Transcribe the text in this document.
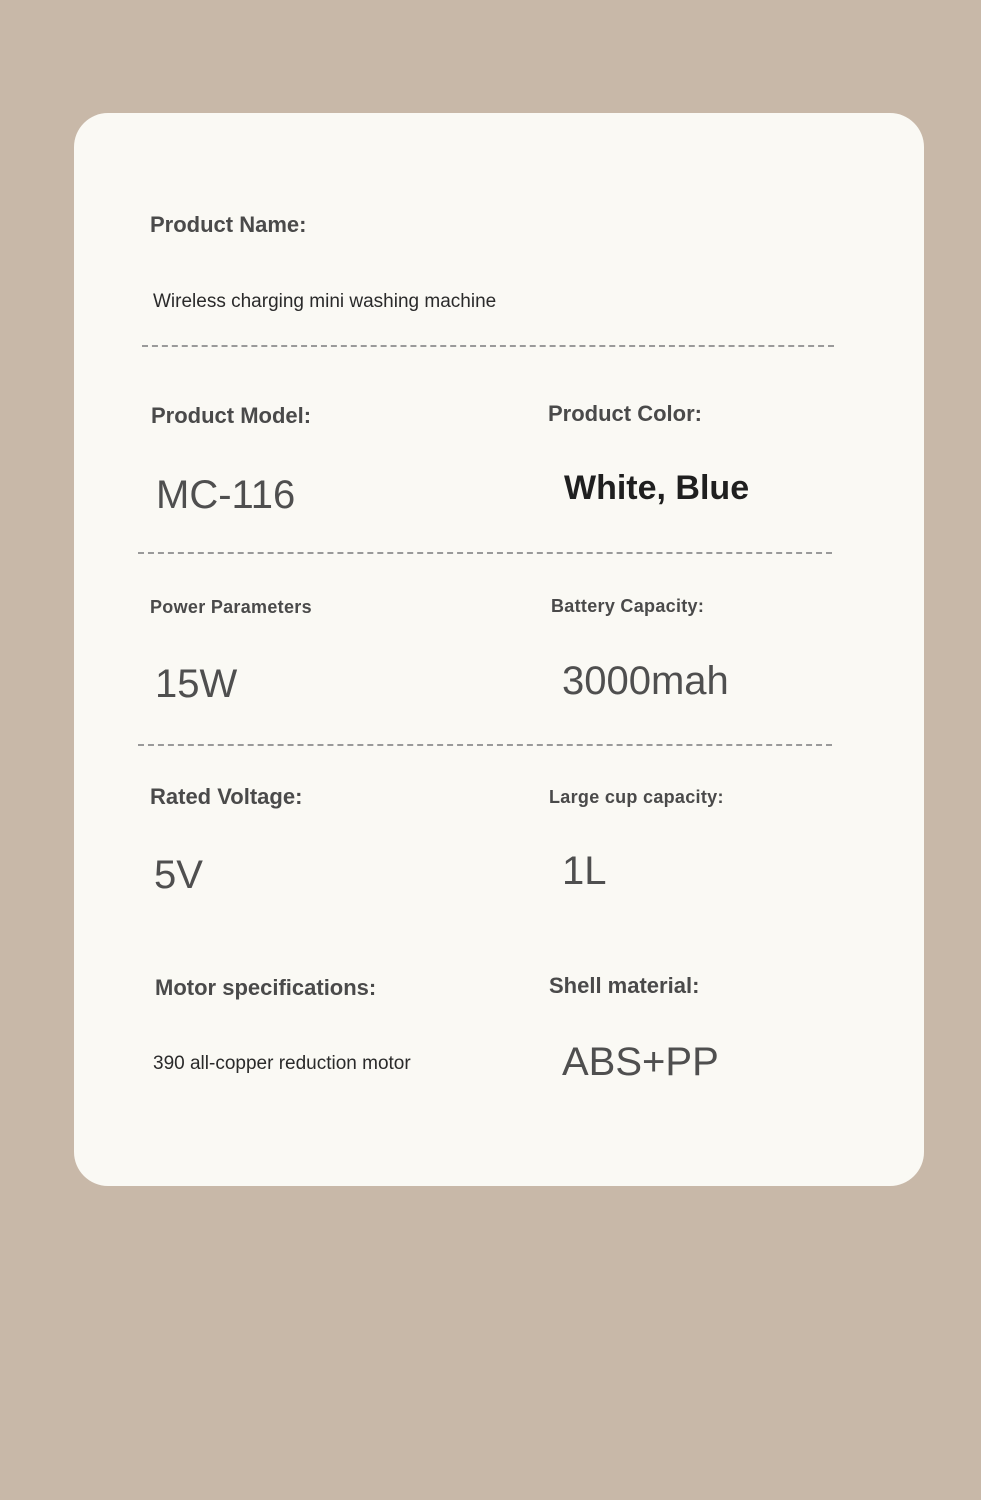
Product Name:
Wireless charging mini washing machine
Product Model:
MC-116
Product Color:
White, Blue
Power Parameters
15W
Battery Capacity:
3000mah
Rated Voltage:
5V
Large cup capacity:
1L
Motor specifications:
390 all-copper reduction motor
Shell material:
ABS+PP
